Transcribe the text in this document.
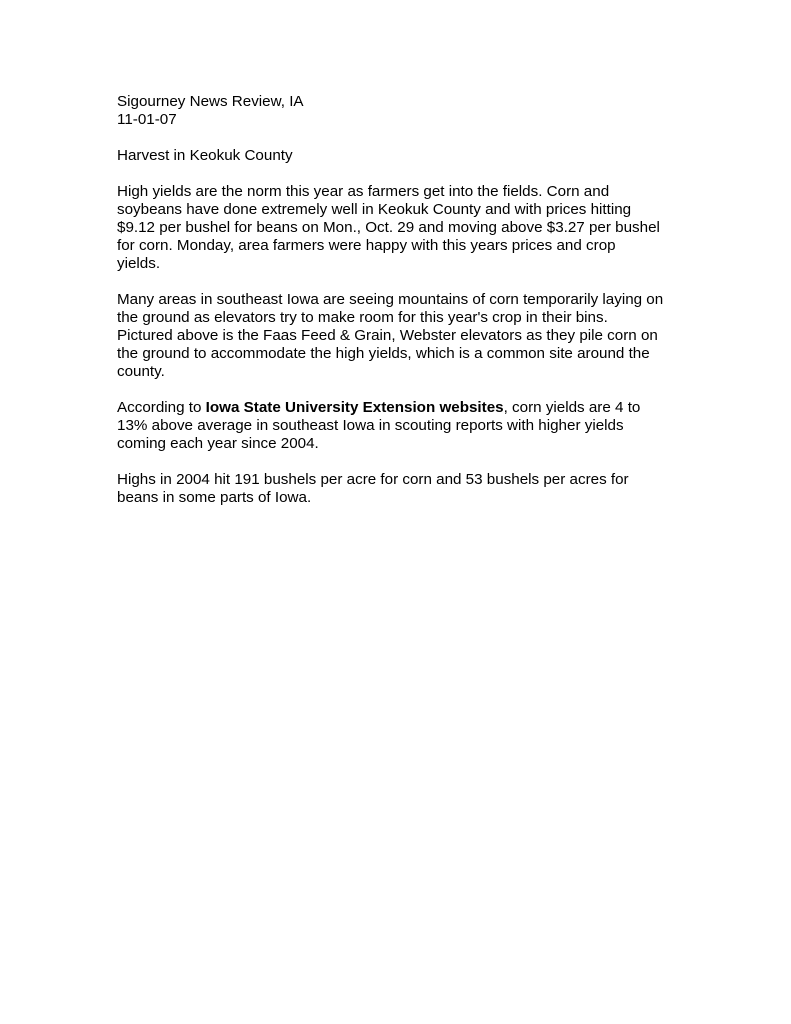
Sigourney News Review, IA
11-01-07
Harvest in Keokuk County
High yields are the norm this year as farmers get into the fields. Corn and
soybeans have done extremely well in Keokuk County and with prices hitting
$9.12 per bushel for beans on Mon., Oct. 29 and moving above $3.27 per bushel
for corn. Monday, area farmers were happy with this years prices and crop
yields.
Many areas in southeast Iowa are seeing mountains of corn temporarily laying on
the ground as elevators try to make room for this year's crop in their bins.
Pictured above is the Faas Feed & Grain, Webster elevators as they pile corn on
the ground to accommodate the high yields, which is a common site around the
county.
According to Iowa State University Extension websites, corn yields are 4 to
13% above average in southeast Iowa in scouting reports with higher yields
coming each year since 2004.
Highs in 2004 hit 191 bushels per acre for corn and 53 bushels per acres for
beans in some parts of Iowa.
